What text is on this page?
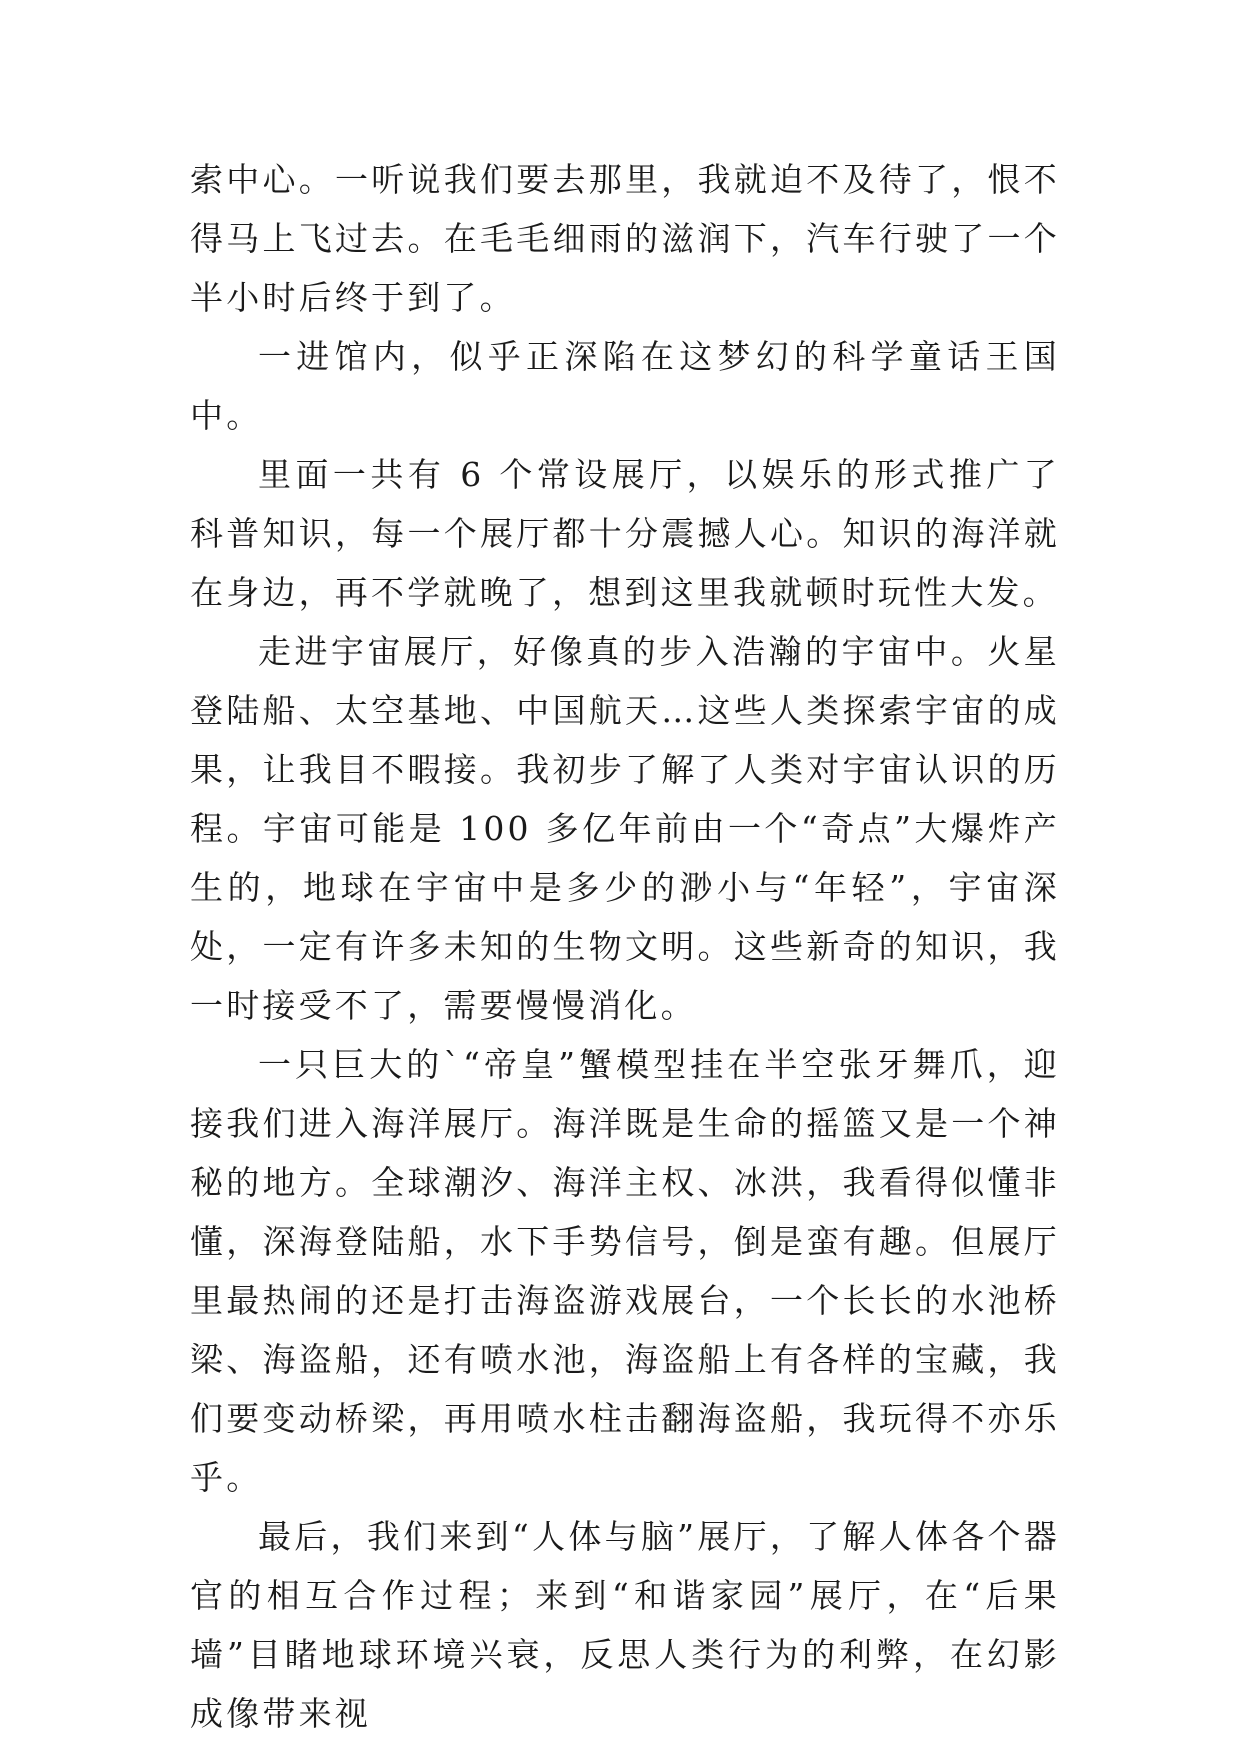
索中心。一听说我们要去那里，我就迫不及待了，恨不得马上飞过去。在毛毛细雨的滋润下，汽车行驶了一个半小时后终于到了。

一进馆内，似乎正深陷在这梦幻的科学童话王国中。

里面一共有 6 个常设展厅，以娱乐的形式推广了科普知识，每一个展厅都十分震撼人心。知识的海洋就在身边，再不学就晚了，想到这里我就顿时玩性大发。

走进宇宙展厅，好像真的步入浩瀚的宇宙中。火星登陆船、太空基地、中国航天…这些人类探索宇宙的成果，让我目不暇接。我初步了解了人类对宇宙认识的历程。宇宙可能是 100 多亿年前由一个“奇点”大爆炸产生的，地球在宇宙中是多少的渺小与“年轻”，宇宙深处，一定有许多未知的生物文明。这些新奇的知识，我一时接受不了，需要慢慢消化。

一只巨大的`“帝皇”蟹模型挂在半空张牙舞爪，迎接我们进入海洋展厅。海洋既是生命的摇篮又是一个神秘的地方。全球潮汐、海洋主权、冰洪，我看得似懂非懂，深海登陆船，水下手势信号，倒是蛮有趣。但展厅里最热闹的还是打击海盗游戏展台，一个长长的水池桥梁、海盗船，还有喷水池，海盗船上有各样的宝藏，我们要变动桥梁，再用喷水柱击翻海盗船，我玩得不亦乐乎。

最后，我们来到“人体与脑”展厅，了解人体各个器官的相互合作过程；来到“和谐家园”展厅，在“后果墙”目睹地球环境兴衰，反思人类行为的利弊，在幻影成像带来视
